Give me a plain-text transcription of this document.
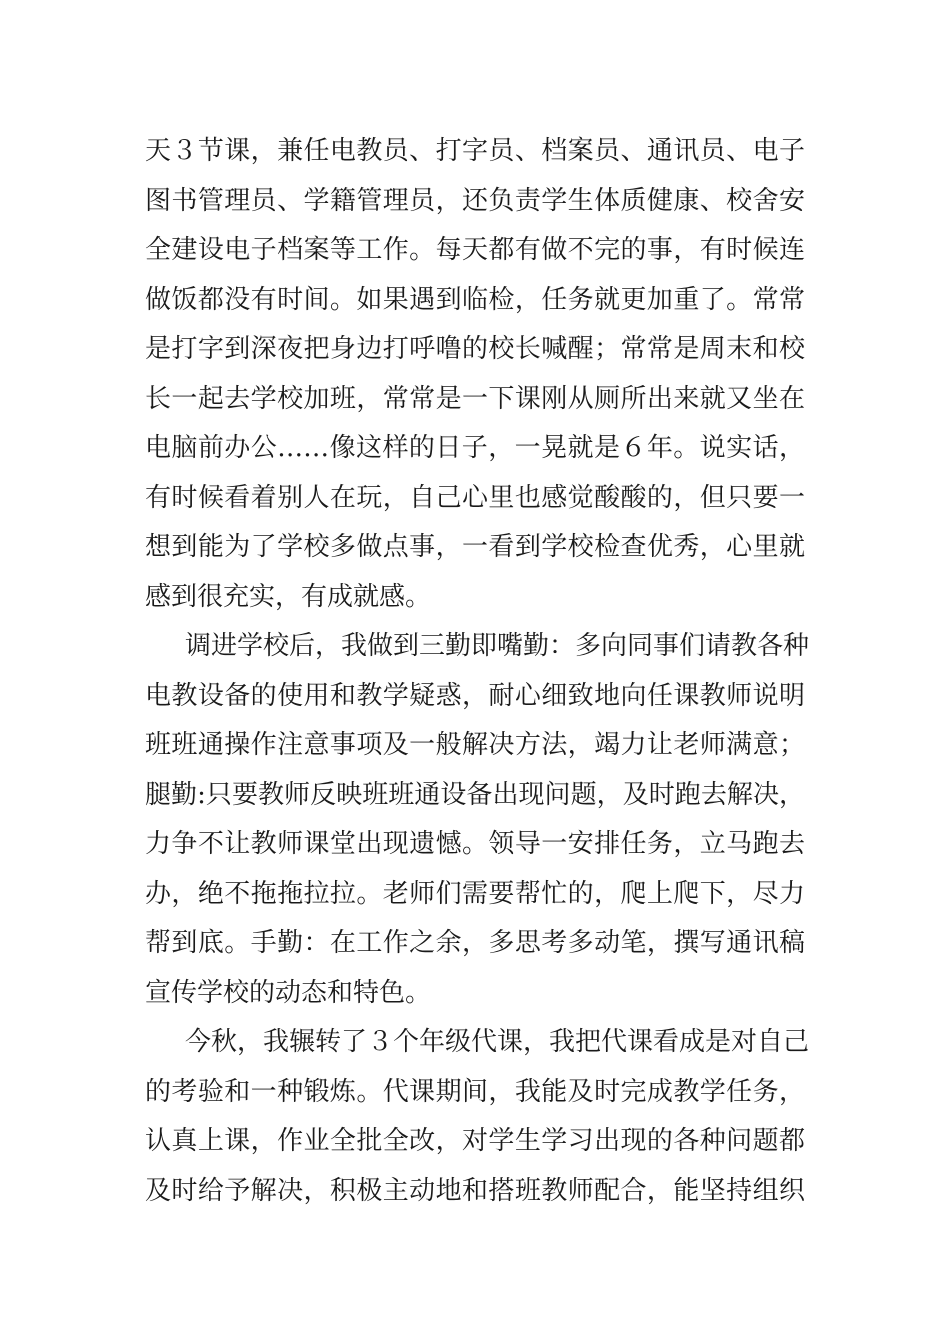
天３节课，兼任电教员、打字员、档案员、通讯员、电子
图书管理员、学籍管理员，还负责学生体质健康、校舍安
全建设电子档案等工作。每天都有做不完的事，有时候连
做饭都没有时间。如果遇到临检，任务就更加重了。常常
是打字到深夜把身边打呼噜的校长喊醒；常常是周末和校
长一起去学校加班，常常是一下课刚从厕所出来就又坐在
电脑前办公……像这样的日子，一晃就是６年。说实话，
有时候看着别人在玩，自己心里也感觉酸酸的，但只要一
想到能为了学校多做点事，一看到学校检查优秀，心里就
感到很充实，有成就感。
调进学校后，我做到三勤即嘴勤：多向同事们请教各种
电教设备的使用和教学疑惑，耐心细致地向任课教师说明
班班通操作注意事项及一般解决方法，竭力让老师满意；
腿勤:只要教师反映班班通设备出现问题，及时跑去解决，
力争不让教师课堂出现遗憾。领导一安排任务，立马跑去
办，绝不拖拖拉拉。老师们需要帮忙的，爬上爬下，尽力
帮到底。手勤：在工作之余，多思考多动笔，撰写通讯稿
宣传学校的动态和特色。
今秋，我辗转了３个年级代课，我把代课看成是对自己
的考验和一种锻炼。代课期间，我能及时完成教学任务，
认真上课，作业全批全改，对学生学习出现的各种问题都
及时给予解决，积极主动地和搭班教师配合，能坚持组织
